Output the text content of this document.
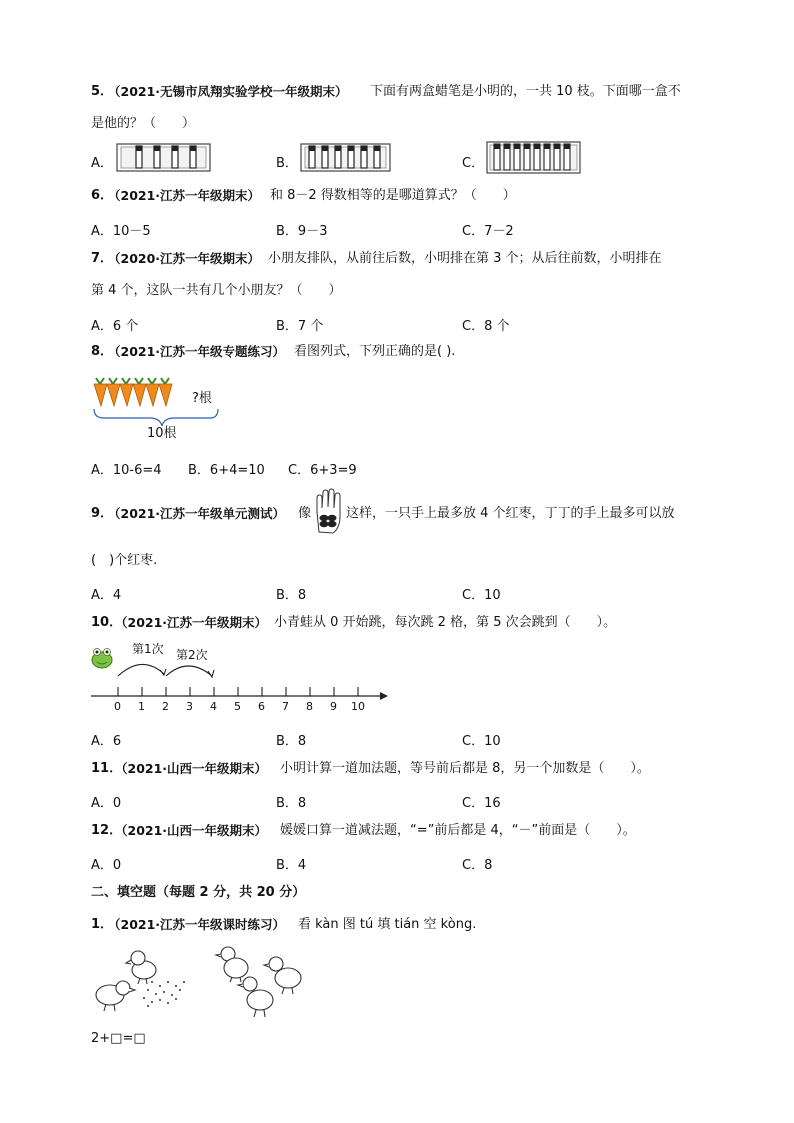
5．
（2021·无锡市凤翔实验学校一年级期末） 下面有两盒蜡笔是小明的，一共 10 枝。下面哪一盒不
是他的？（　　）
A．	B．	C．
6．
（2021·江苏一年级期末） 和 8－2 得数相等的是哪道算式？（　　）
A．10－5	B．9－3	C．7－2
7．
（2020·江苏一年级期末） 小朋友排队，从前往后数，小明排在第 3 个；从后往前数，小明排在
第 4 个，这队一共有几个小朋友？（　　）
A．6 个	B．7 个	C．8 个
8．
（2021·江苏一年级专题练习） 看图列式，下列正确的是( ).
?根
10根
A．10-6=4 B．6+4=10 C．6+3=9
9．
（2021·江苏一年级单元测试） 像	这样，一只手上最多放 4 个红枣，丁丁的手上最多可以放
(　)个红枣.
A．4	B．8	C．10
10．
（2021·江苏一年级期末） 小青蛙从 0 开始跳，每次跳 2 格，第 5 次会跳到（　　）。
第1次 第2次
0 1 2 3 4 5 6 7 8 9 10
A．6	B．8	C．10
11．
（2021·山西一年级期末） 小明计算一道加法题，等号前后都是 8，另一个加数是（　　）。
A．0	B．8	C．16
12．
（2021·山西一年级期末） 媛媛口算一道减法题，“=”前后都是 4，“－”前面是（　　）。
A．0	B．4	C．8
二、填空题（每题 2 分，共 20 分）
1．
（2021·江苏一年级课时练习） 看 kàn 图 tú 填 tián 空 kòng.
2+□=□
